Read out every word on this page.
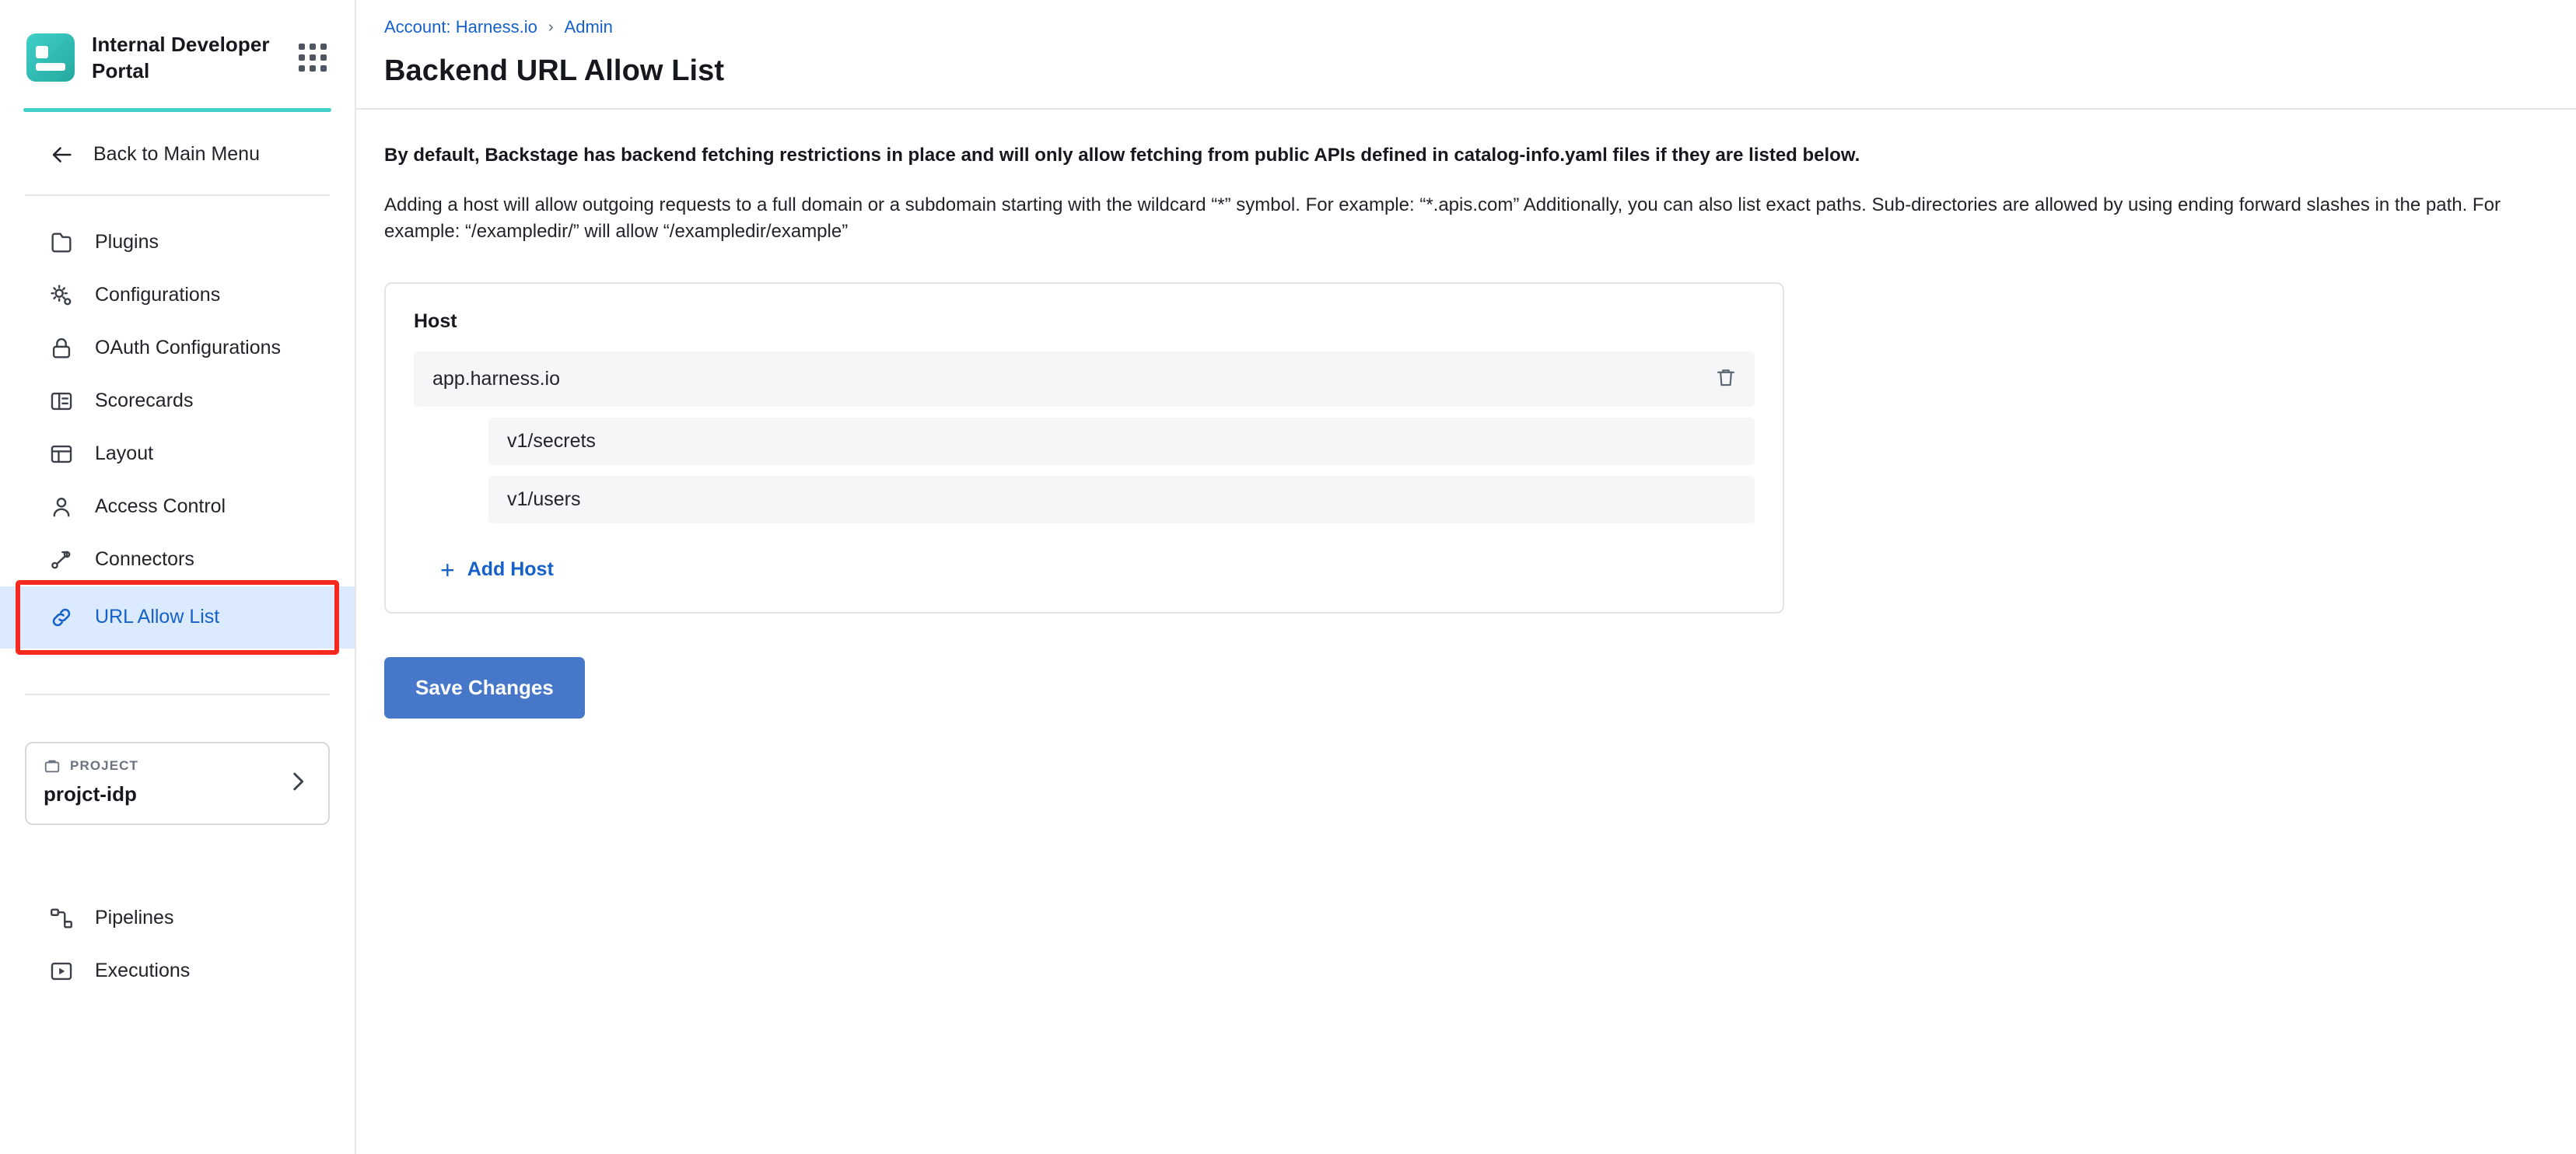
Internal Developer Portal
Back to Main Menu
Plugins
Configurations
OAuth Configurations
Scorecards
Layout
Access Control
Connectors
URL Allow List
PROJECT
projct-idp
Pipelines
Executions
Account: Harness.io › Admin
Backend URL Allow List

By default, Backstage has backend fetching restrictions in place and will only allow fetching from public APIs defined in catalog-info.yaml files if they are listed below.

Adding a host will allow outgoing requests to a full domain or a subdomain starting with the wildcard “*” symbol. For example: “*.apis.com” Additionally, you can also list exact paths. Sub-directories are allowed by using ending forward slashes in the path. For example: “/exampledir/” will allow “/exampledir/example”

Host
app.harness.io
v1/secrets
v1/users
+ Add Host
Save Changes
